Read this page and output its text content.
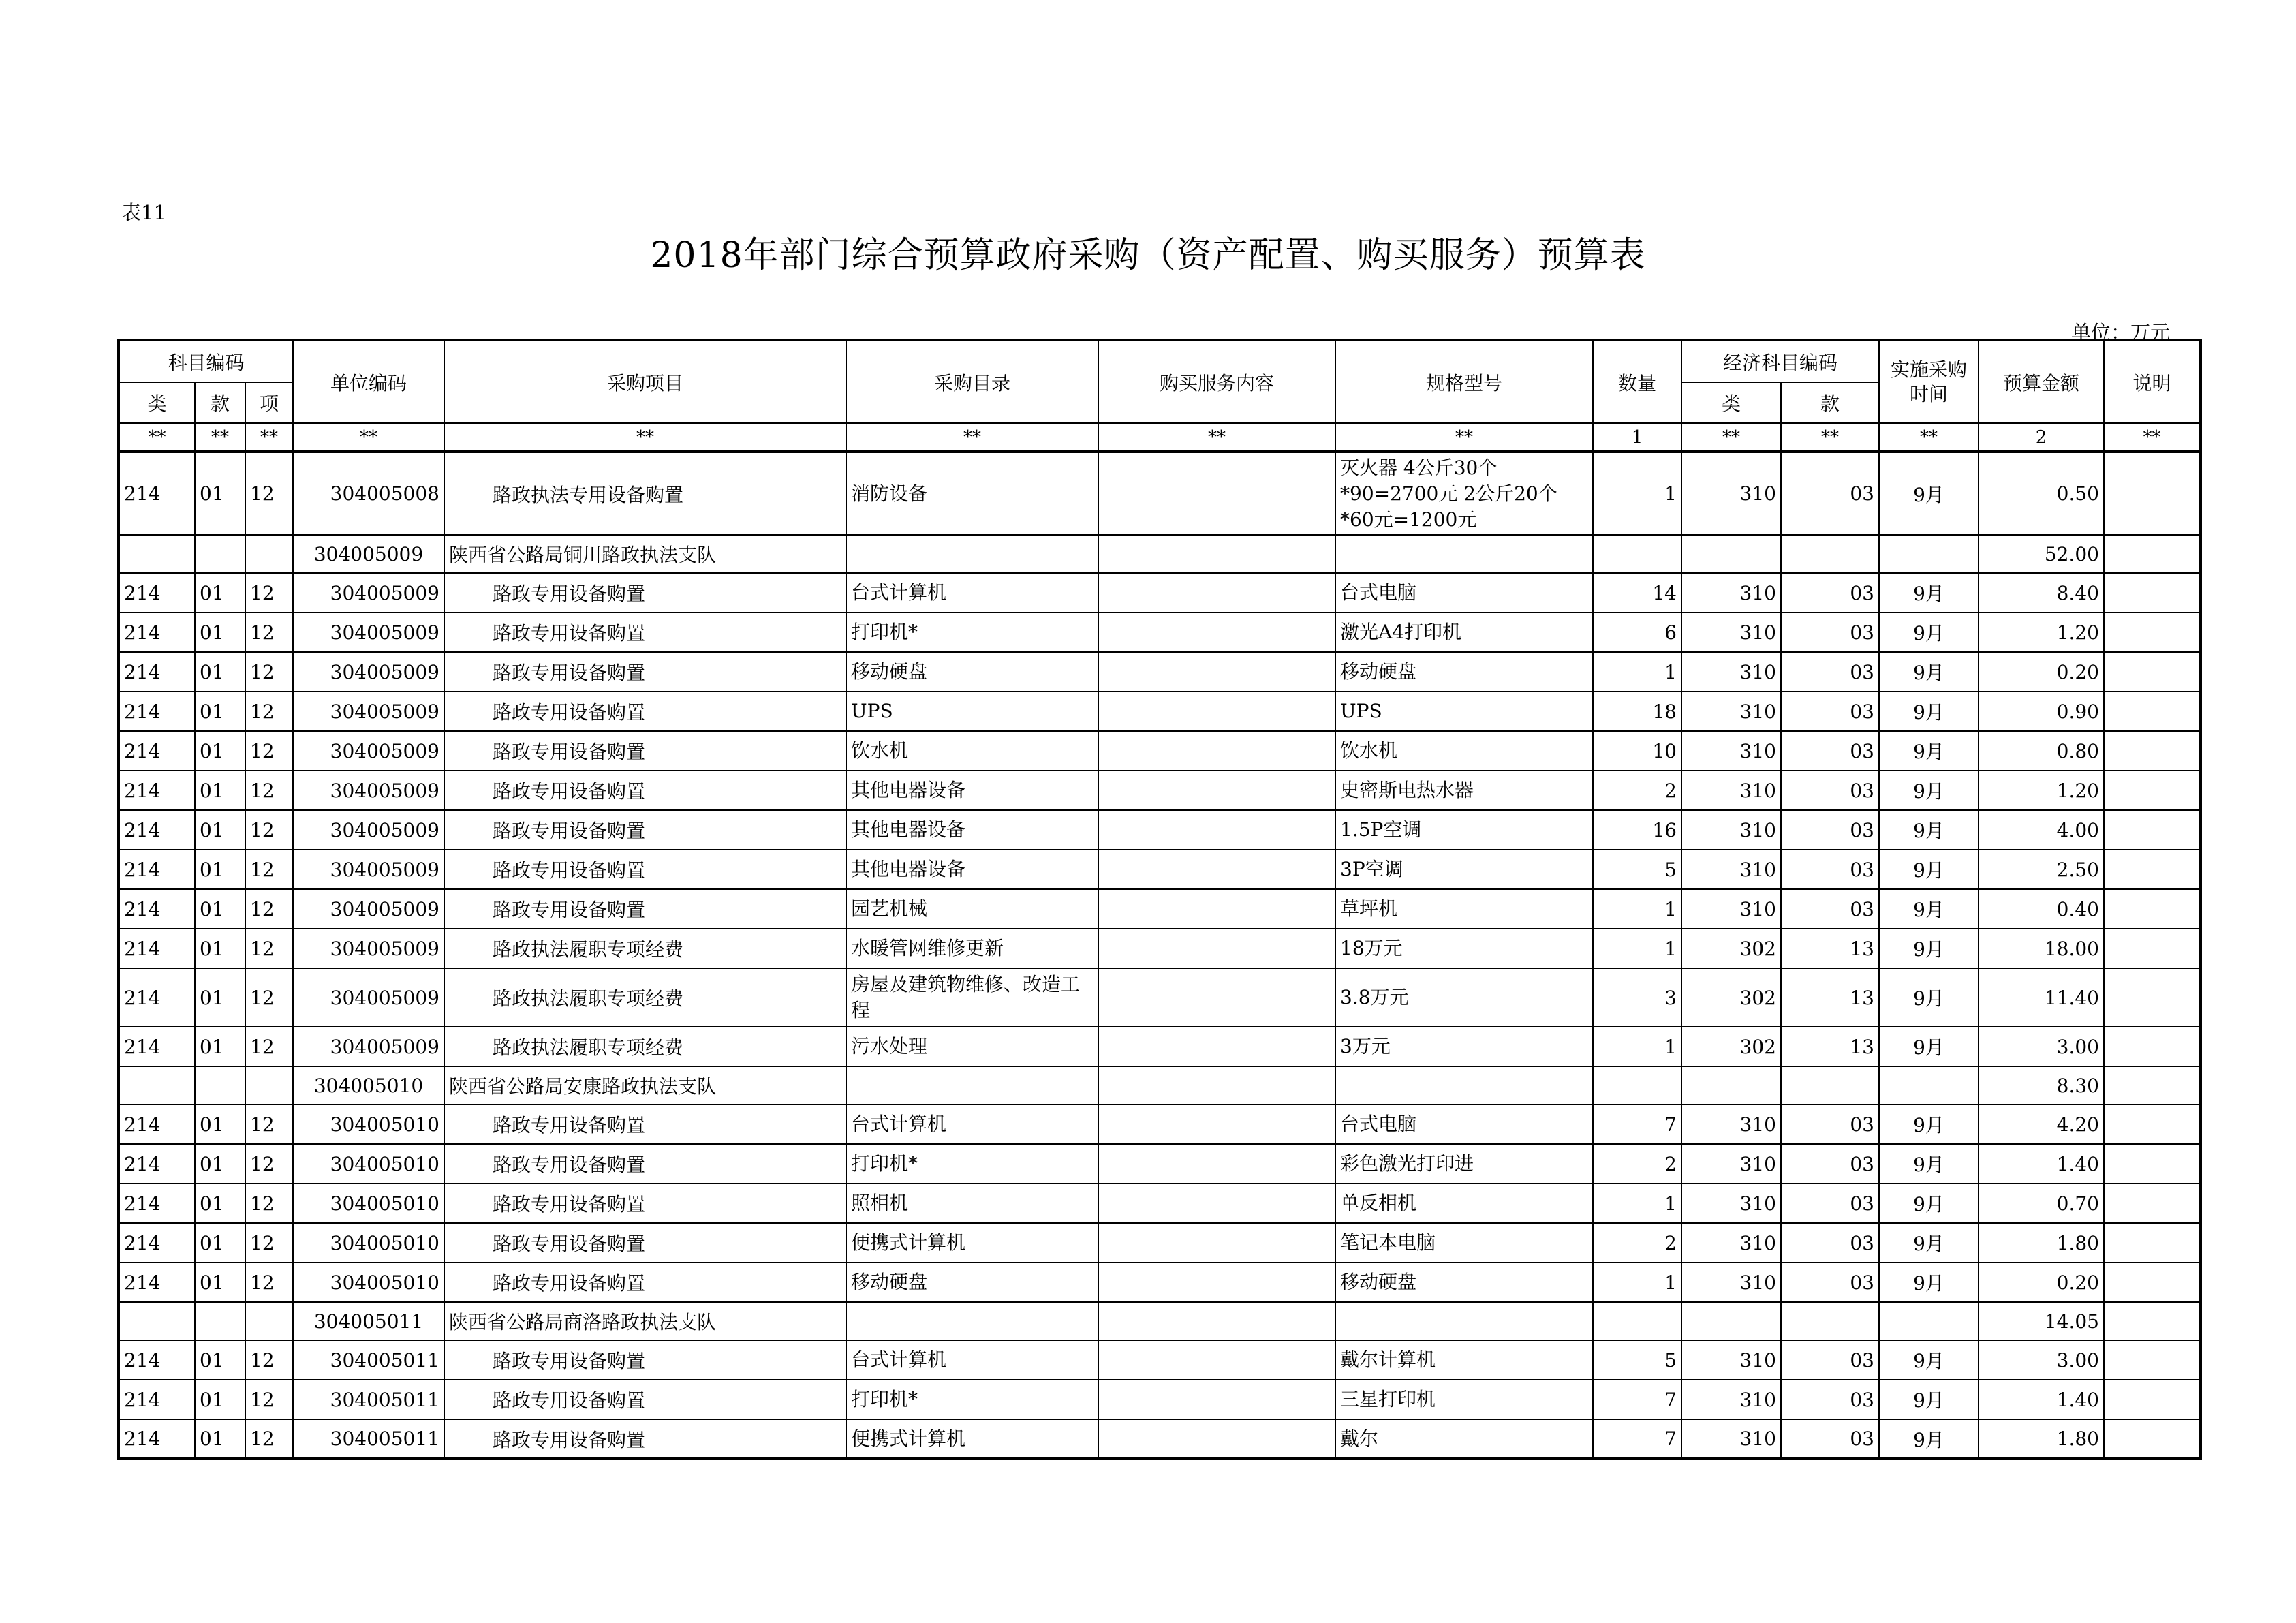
表11
2018年部门综合预算政府采购（资产配置、购买服务）预算表
单位：万元
科目编码			单位编码	采购项目	采购目录	购买服务内容	规格型号	数量	经济科目编码		实施采购时间	预算金额	说明
类	款	项							类	款			
**	**	**	**	**	**	**	**	1	**	**	**	2	**
214	01	12	304005008	路政执法专用设备购置	消防设备		灭火器 4公斤30个*90=2700元 2公斤20个*60元=1200元	1	310	03	9月	0.50	
			304005009	陕西省公路局铜川路政执法支队								52.00	
214	01	12	304005009	路政专用设备购置	台式计算机		台式电脑	14	310	03	9月	8.40	
214	01	12	304005009	路政专用设备购置	打印机*		激光A4打印机	6	310	03	9月	1.20	
214	01	12	304005009	路政专用设备购置	移动硬盘		移动硬盘	1	310	03	9月	0.20	
214	01	12	304005009	路政专用设备购置	UPS		UPS	18	310	03	9月	0.90	
214	01	12	304005009	路政专用设备购置	饮水机		饮水机	10	310	03	9月	0.80	
214	01	12	304005009	路政专用设备购置	其他电器设备		史密斯电热水器	2	310	03	9月	1.20	
214	01	12	304005009	路政专用设备购置	其他电器设备		1.5P空调	16	310	03	9月	4.00	
214	01	12	304005009	路政专用设备购置	其他电器设备		3P空调	5	310	03	9月	2.50	
214	01	12	304005009	路政专用设备购置	园艺机械		草坪机	1	310	03	9月	0.40	
214	01	12	304005009	路政执法履职专项经费	水暖管网维修更新		18万元	1	302	13	9月	18.00	
214	01	12	304005009	路政执法履职专项经费	房屋及建筑物维修、改造工程		3.8万元	3	302	13	9月	11.40	
214	01	12	304005009	路政执法履职专项经费	污水处理		3万元	1	302	13	9月	3.00	
			304005010	陕西省公路局安康路政执法支队								8.30	
214	01	12	304005010	路政专用设备购置	台式计算机		台式电脑	7	310	03	9月	4.20	
214	01	12	304005010	路政专用设备购置	打印机*		彩色激光打印进	2	310	03	9月	1.40	
214	01	12	304005010	路政专用设备购置	照相机		单反相机	1	310	03	9月	0.70	
214	01	12	304005010	路政专用设备购置	便携式计算机		笔记本电脑	2	310	03	9月	1.80	
214	01	12	304005010	路政专用设备购置	移动硬盘		移动硬盘	1	310	03	9月	0.20	
			304005011	陕西省公路局商洛路政执法支队								14.05	
214	01	12	304005011	路政专用设备购置	台式计算机		戴尔计算机	5	310	03	9月	3.00	
214	01	12	304005011	路政专用设备购置	打印机*		三星打印机	7	310	03	9月	1.40	
214	01	12	304005011	路政专用设备购置	便携式计算机		戴尔	7	310	03	9月	1.80	
